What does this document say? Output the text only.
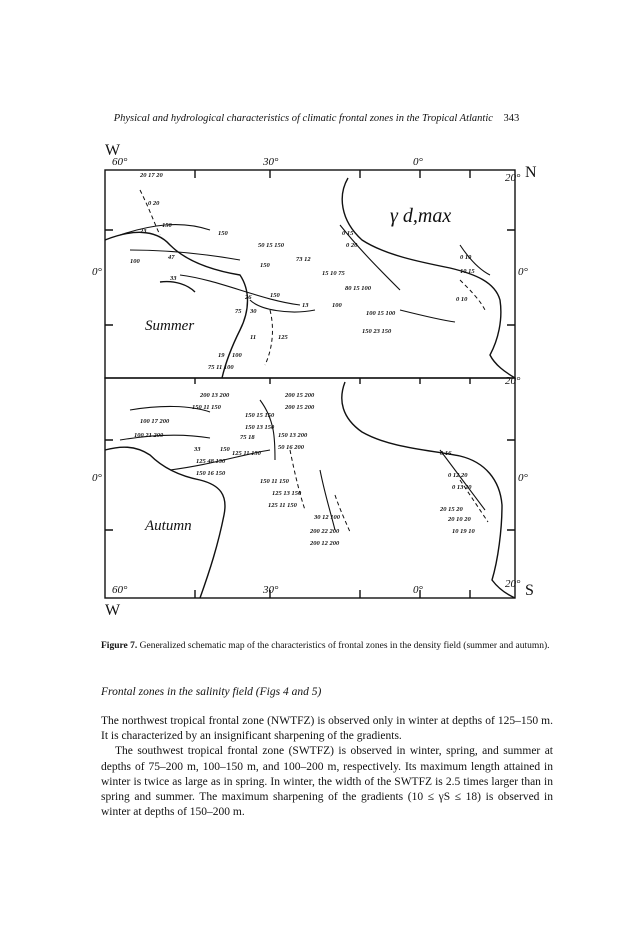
Physical and hydrological characteristics of climatic frontal zones in the Tropical Atlantic 343
W
N
W
S
60°	30°	0°
60°	30°	0°
20°
0°
20°
0°
20°
0°
0°
γ d,max
Summer
Autumn
20 17 20
0 20
23
150
150
100
47
33
150
26	150
75 30
13	100
50 15 150
73 12
15 10 75
80 15 100
100 15 100
150 23 150
0 15
0 20
0 10
10 15
0 10
11	125
19 100
75 11 100
200 13 200
150 11 150
100 17 200
100 21 200
33	150
125 48 150
150 16 150
200 15 200
150 15 150
150 13 150
125 11 150
75 18	150 13 200
50 16 200
200 15 200
150 11 150
125 13 150
125 11 150
30 12 100
200 22 200
200 12 200
0 16
0 12 20
0 13 20
20 15 20
20 10 20
10 19 10
Figure 7. Generalized schematic map of the characteristics of frontal zones in the density field (summer and autumn).
Frontal zones in the salinity field (Figs 4 and 5)

The northwest tropical frontal zone (NWTFZ) is observed only in winter at depths of 125–150 m. It is characterized by an insignificant sharpening of the gradients.

The southwest tropical frontal zone (SWTFZ) is observed in winter, spring, and summer at depths of 75–200 m, 100–150 m, and 100–200 m, respectively. Its maximum length attained in winter is twice as large as in spring. In winter, the width of the SWTFZ is 2.5 times larger than in spring and summer. The maximum sharpening of the gradients (10 ≤ γS ≤ 18) is observed in winter at depths of 150–200 m.
